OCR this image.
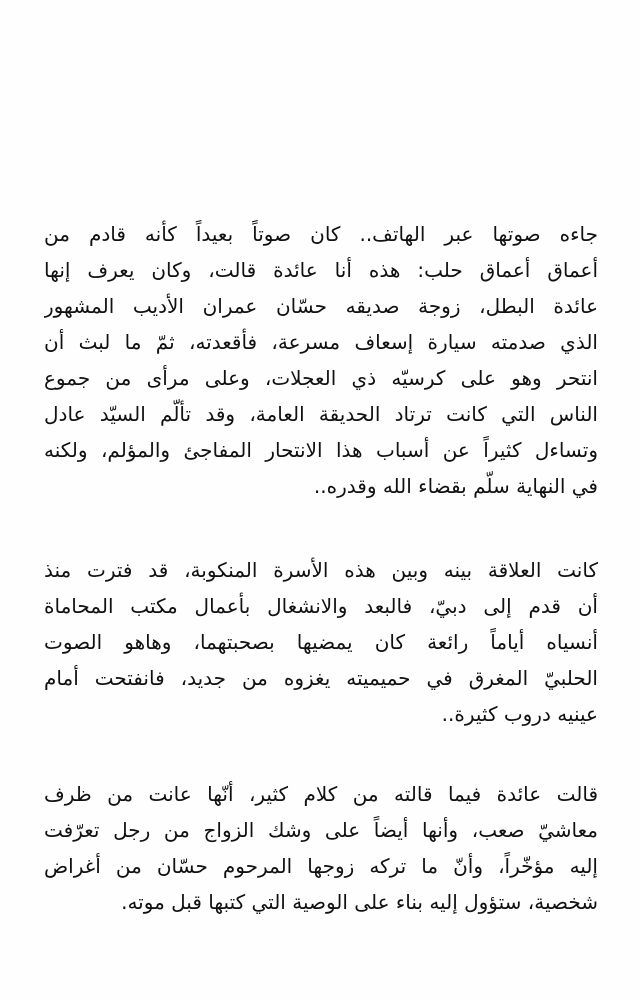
جاءه صوتها عبر الهاتف.. كان صوتاً بعيداً كأنه قادم من
أعماق أعماق حلب: هذه أنا عائدة قالت، وكان يعرف إنها
عائدة البطل، زوجة صديقه حسّان عمران الأديب المشهور
الذي صدمته سيارة إسعاف مسرعة، فأقعدته، ثمّ ما لبث أن
انتحر وهو على كرسيّه ذي العجلات، وعلى مرأى من جموع
الناس التي كانت ترتاد الحديقة العامة، وقد تألّم السيّد عادل
وتساءل كثيراً عن أسباب هذا الانتحار المفاجئ والمؤلم، ولكنه
في النهاية سلّم بقضاء الله وقدره..
كانت العلاقة بينه وبين هذه الأسرة المنكوبة، قد فترت منذ
أن قدم إلى دبيّ، فالبعد والانشغال بأعمال مكتب المحاماة
أنسياه أياماً رائعة كان يمضيها بصحبتهما، وهاهو الصوت
الحلبيّ المغرق في حميميته يغزوه من جديد، فانفتحت أمام
عينيه دروب كثيرة..
قالت عائدة فيما قالته من كلام كثير، أنّها عانت من ظرف
معاشيّ صعب، وأنها أيضاً على وشك الزواج من رجل تعرّفت
إليه مؤخّراً، وأنّ ما تركه زوجها المرحوم حسّان من أغراض
شخصية، ستؤول إليه بناء على الوصية التي كتبها قبل موته.
